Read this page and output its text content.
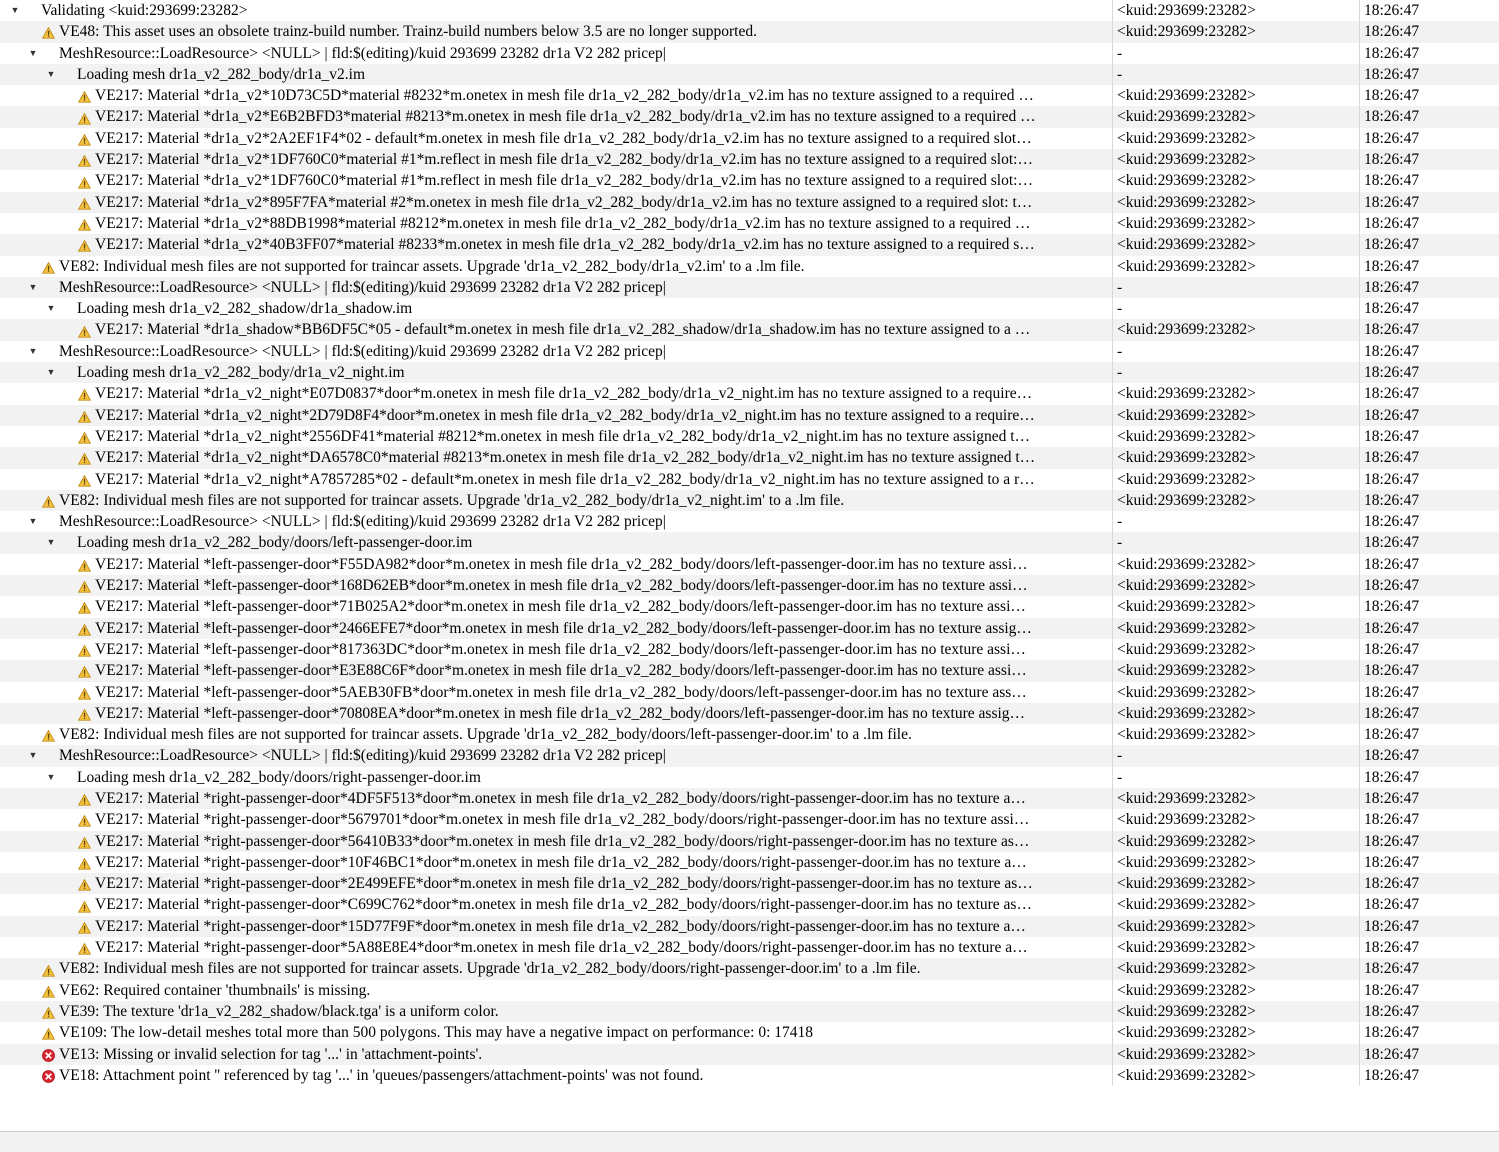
▼
Validating <kuid:293699:23282>	<kuid:293699:23282>	18:26:47

VE48: This asset uses an obsolete trainz-build number. Trainz-build numbers below 3.5 are no longer supported.	<kuid:293699:23282>	18:26:47

▼
MeshResource::LoadResource> <NULL> | fld:$(editing)/kuid 293699 23282 dr1a V2 282 pricep|	-	18:26:47

▼
Loading mesh dr1a_v2_282_body/dr1a_v2.im	-	18:26:47

VE217: Material *dr1a_v2*10D73C5D*material #8232*m.onetex in mesh file dr1a_v2_282_body/dr1a_v2.im has no texture assigned to a required …	<kuid:293699:23282>	18:26:47

VE217: Material *dr1a_v2*E6B2BFD3*material #8213*m.onetex in mesh file dr1a_v2_282_body/dr1a_v2.im has no texture assigned to a required …	<kuid:293699:23282>	18:26:47

VE217: Material *dr1a_v2*2A2EF1F4*02 - default*m.onetex in mesh file dr1a_v2_282_body/dr1a_v2.im has no texture assigned to a required slot…	<kuid:293699:23282>	18:26:47

VE217: Material *dr1a_v2*1DF760C0*material #1*m.reflect in mesh file dr1a_v2_282_body/dr1a_v2.im has no texture assigned to a required slot:…	<kuid:293699:23282>	18:26:47

VE217: Material *dr1a_v2*1DF760C0*material #1*m.reflect in mesh file dr1a_v2_282_body/dr1a_v2.im has no texture assigned to a required slot:…	<kuid:293699:23282>	18:26:47

VE217: Material *dr1a_v2*895F7FA*material #2*m.onetex in mesh file dr1a_v2_282_body/dr1a_v2.im has no texture assigned to a required slot: t…	<kuid:293699:23282>	18:26:47

VE217: Material *dr1a_v2*88DB1998*material #8212*m.onetex in mesh file dr1a_v2_282_body/dr1a_v2.im has no texture assigned to a required …	<kuid:293699:23282>	18:26:47

VE217: Material *dr1a_v2*40B3FF07*material #8233*m.onetex in mesh file dr1a_v2_282_body/dr1a_v2.im has no texture assigned to a required s…	<kuid:293699:23282>	18:26:47

VE82: Individual mesh files are not supported for traincar assets. Upgrade 'dr1a_v2_282_body/dr1a_v2.im' to a .lm file.	<kuid:293699:23282>	18:26:47

▼
MeshResource::LoadResource> <NULL> | fld:$(editing)/kuid 293699 23282 dr1a V2 282 pricep|	-	18:26:47

▼
Loading mesh dr1a_v2_282_shadow/dr1a_shadow.im	-	18:26:47

VE217: Material *dr1a_shadow*BB6DF5C*05 - default*m.onetex in mesh file dr1a_v2_282_shadow/dr1a_shadow.im has no texture assigned to a …	<kuid:293699:23282>	18:26:47

▼
MeshResource::LoadResource> <NULL> | fld:$(editing)/kuid 293699 23282 dr1a V2 282 pricep|	-	18:26:47

▼
Loading mesh dr1a_v2_282_body/dr1a_v2_night.im	-	18:26:47

VE217: Material *dr1a_v2_night*E07D0837*door*m.onetex in mesh file dr1a_v2_282_body/dr1a_v2_night.im has no texture assigned to a require…	<kuid:293699:23282>	18:26:47

VE217: Material *dr1a_v2_night*2D79D8F4*door*m.onetex in mesh file dr1a_v2_282_body/dr1a_v2_night.im has no texture assigned to a require…	<kuid:293699:23282>	18:26:47

VE217: Material *dr1a_v2_night*2556DF41*material #8212*m.onetex in mesh file dr1a_v2_282_body/dr1a_v2_night.im has no texture assigned t…	<kuid:293699:23282>	18:26:47

VE217: Material *dr1a_v2_night*DA6578C0*material #8213*m.onetex in mesh file dr1a_v2_282_body/dr1a_v2_night.im has no texture assigned t…	<kuid:293699:23282>	18:26:47

VE217: Material *dr1a_v2_night*A7857285*02 - default*m.onetex in mesh file dr1a_v2_282_body/dr1a_v2_night.im has no texture assigned to a r…	<kuid:293699:23282>	18:26:47

VE82: Individual mesh files are not supported for traincar assets. Upgrade 'dr1a_v2_282_body/dr1a_v2_night.im' to a .lm file.	<kuid:293699:23282>	18:26:47

▼
MeshResource::LoadResource> <NULL> | fld:$(editing)/kuid 293699 23282 dr1a V2 282 pricep|	-	18:26:47

▼
Loading mesh dr1a_v2_282_body/doors/left-passenger-door.im	-	18:26:47

VE217: Material *left-passenger-door*F55DA982*door*m.onetex in mesh file dr1a_v2_282_body/doors/left-passenger-door.im has no texture assi…	<kuid:293699:23282>	18:26:47

VE217: Material *left-passenger-door*168D62EB*door*m.onetex in mesh file dr1a_v2_282_body/doors/left-passenger-door.im has no texture assi…	<kuid:293699:23282>	18:26:47

VE217: Material *left-passenger-door*71B025A2*door*m.onetex in mesh file dr1a_v2_282_body/doors/left-passenger-door.im has no texture assi…	<kuid:293699:23282>	18:26:47

VE217: Material *left-passenger-door*2466EFE7*door*m.onetex in mesh file dr1a_v2_282_body/doors/left-passenger-door.im has no texture assig…	<kuid:293699:23282>	18:26:47

VE217: Material *left-passenger-door*817363DC*door*m.onetex in mesh file dr1a_v2_282_body/doors/left-passenger-door.im has no texture assi…	<kuid:293699:23282>	18:26:47

VE217: Material *left-passenger-door*E3E88C6F*door*m.onetex in mesh file dr1a_v2_282_body/doors/left-passenger-door.im has no texture assi…	<kuid:293699:23282>	18:26:47

VE217: Material *left-passenger-door*5AEB30FB*door*m.onetex in mesh file dr1a_v2_282_body/doors/left-passenger-door.im has no texture ass…	<kuid:293699:23282>	18:26:47

VE217: Material *left-passenger-door*70808EA*door*m.onetex in mesh file dr1a_v2_282_body/doors/left-passenger-door.im has no texture assig…	<kuid:293699:23282>	18:26:47

VE82: Individual mesh files are not supported for traincar assets. Upgrade 'dr1a_v2_282_body/doors/left-passenger-door.im' to a .lm file.	<kuid:293699:23282>	18:26:47

▼
MeshResource::LoadResource> <NULL> | fld:$(editing)/kuid 293699 23282 dr1a V2 282 pricep|	-	18:26:47

▼
Loading mesh dr1a_v2_282_body/doors/right-passenger-door.im	-	18:26:47

VE217: Material *right-passenger-door*4DF5F513*door*m.onetex in mesh file dr1a_v2_282_body/doors/right-passenger-door.im has no texture a…	<kuid:293699:23282>	18:26:47

VE217: Material *right-passenger-door*5679701*door*m.onetex in mesh file dr1a_v2_282_body/doors/right-passenger-door.im has no texture assi…	<kuid:293699:23282>	18:26:47

VE217: Material *right-passenger-door*56410B33*door*m.onetex in mesh file dr1a_v2_282_body/doors/right-passenger-door.im has no texture as…	<kuid:293699:23282>	18:26:47

VE217: Material *right-passenger-door*10F46BC1*door*m.onetex in mesh file dr1a_v2_282_body/doors/right-passenger-door.im has no texture a…	<kuid:293699:23282>	18:26:47

VE217: Material *right-passenger-door*2E499EFE*door*m.onetex in mesh file dr1a_v2_282_body/doors/right-passenger-door.im has no texture as…	<kuid:293699:23282>	18:26:47

VE217: Material *right-passenger-door*C699C762*door*m.onetex in mesh file dr1a_v2_282_body/doors/right-passenger-door.im has no texture as…	<kuid:293699:23282>	18:26:47

VE217: Material *right-passenger-door*15D77F9F*door*m.onetex in mesh file dr1a_v2_282_body/doors/right-passenger-door.im has no texture a…	<kuid:293699:23282>	18:26:47

VE217: Material *right-passenger-door*5A88E8E4*door*m.onetex in mesh file dr1a_v2_282_body/doors/right-passenger-door.im has no texture a…	<kuid:293699:23282>	18:26:47

VE82: Individual mesh files are not supported for traincar assets. Upgrade 'dr1a_v2_282_body/doors/right-passenger-door.im' to a .lm file.	<kuid:293699:23282>	18:26:47

VE62: Required container 'thumbnails' is missing.	<kuid:293699:23282>	18:26:47

VE39: The texture 'dr1a_v2_282_shadow/black.tga' is a uniform color.	<kuid:293699:23282>	18:26:47

VE109: The low-detail meshes total more than 500 polygons. This may have a negative impact on performance: 0: 17418	<kuid:293699:23282>	18:26:47

VE13: Missing or invalid selection for tag '...' in 'attachment-points'.	<kuid:293699:23282>	18:26:47

VE18: Attachment point '' referenced by tag '...' in 'queues/passengers/attachment-points' was not found.	<kuid:293699:23282>	18:26:47
